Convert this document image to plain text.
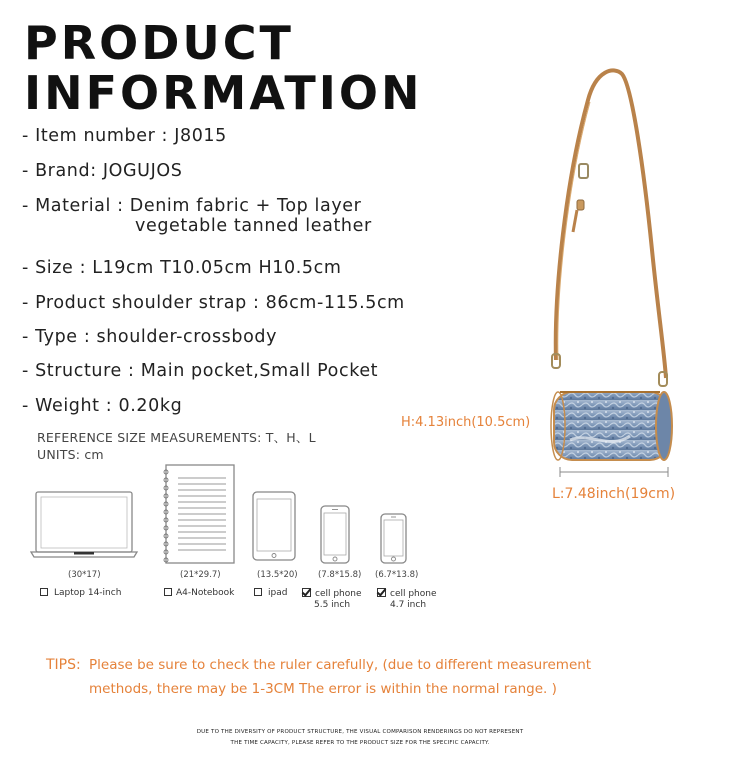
PRODUCT
INFORMATION
- Item number : J8015
- Brand: JOGUJOS
- Material : Denim fabric + Top layer
vegetable tanned leather
- Size : L19cm T10.05cm H10.5cm
- Product shoulder strap : 86cm-115.5cm
- Type : shoulder-crossbody
- Structure : Main pocket,Small Pocket
- Weight : 0.20kg
REFERENCE SIZE MEASUREMENTS: T、H、L
UNITS: cm
(30*17)	(21*29.7)	(13.5*20) (7.8*15.8) (6.7*13.8)
Laptop 14-inch	A4-Notebook	ipad	cell phone
5.5 inch
cell phone
4.7 inch
H:4.13inch(10.5cm)
L:7.48inch(19cm)
TIPS: Please be sure to check the ruler carefully, (due to different measurement methods, there may be 1-3CM The error is within the normal range. )
DUE TO THE DIVERSITY OF PRODUCT STRUCTURE, THE VISUAL COMPARISON RENDERINGS DO NOT REPRESENT
THE TIME CAPACITY, PLEASE REFER TO THE PRODUCT SIZE FOR THE SPECIFIC CAPACITY.
